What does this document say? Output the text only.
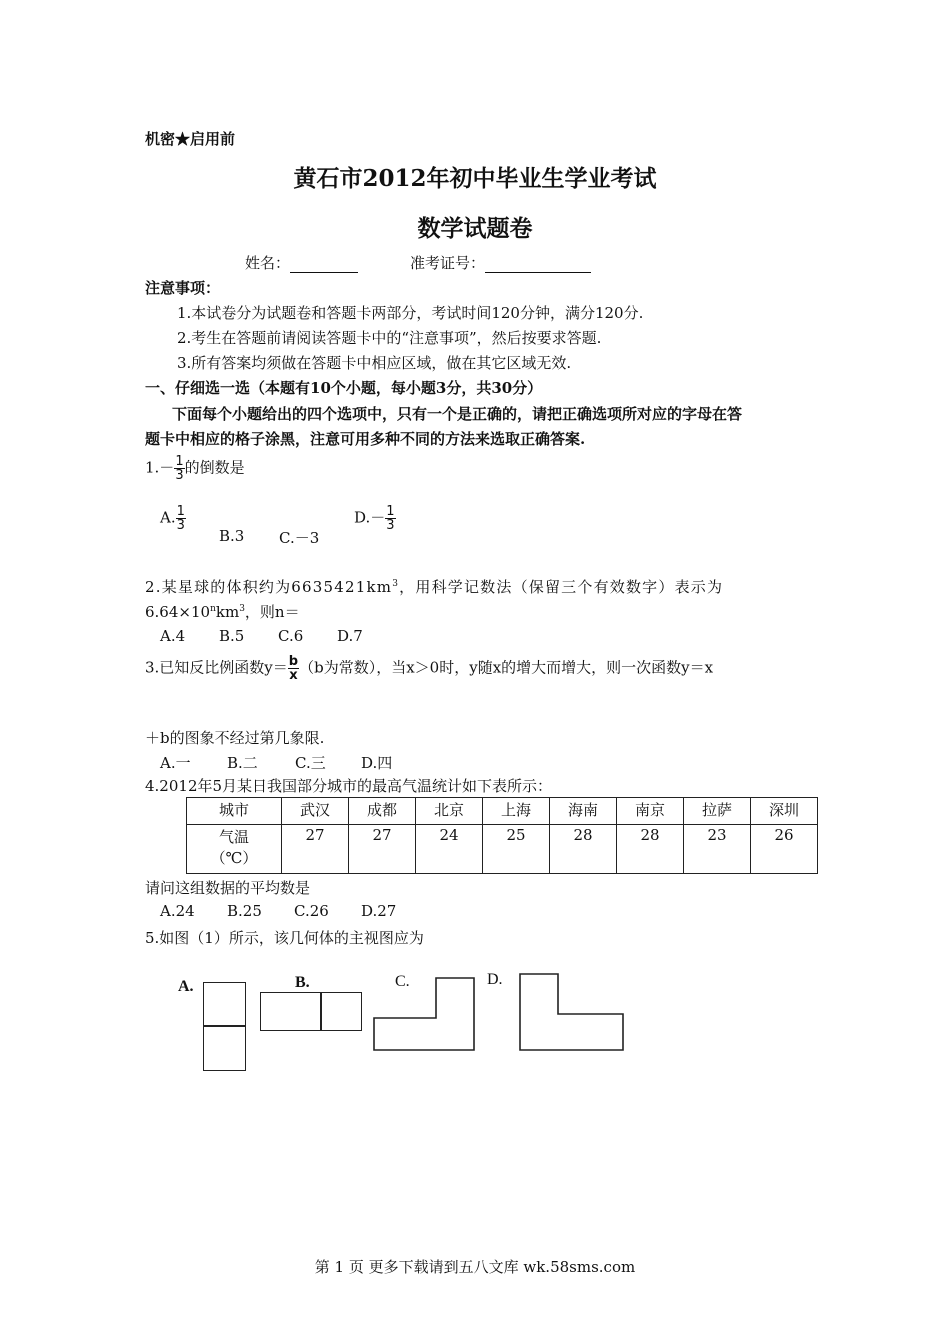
机密★启用前
黄石市2012年初中毕业生学业考试
数学试题卷
姓名：	准考证号：
注意事项：
1.本试卷分为试题卷和答题卡两部分，考试时间120分钟，满分120分.
2.考生在答题前请阅读答题卡中的“注意事项”，然后按要求答题.
3.所有答案均须做在答题卡中相应区域，做在其它区域无效.
一、仔细选一选（本题有10个小题，每小题3分，共30分）
下面每个小题给出的四个选项中，只有一个是正确的，请把正确选项所对应的字母在答
题卡中相应的格子涂黑，注意可用多种不同的方法来选取正确答案.
$1.- \frac{1}{3}$ 的倒数是
A. $\frac{1}{3}$
B.3 C.－3
$D.- \frac{1}{3}$
2.某星球的体积约为$6635421km^3$，用科学记数法（保留三个有效数字）表示为
$6.64\times 10^nkm^3$，则n＝
A.4 B.5 C.6 D.7
3.已知反比例函数$y= \frac{b}{x} (b$为常数），当x＞0时，y随x的增大而增大，则一次函数y＝x
＋b的图象不经过第几象限.
A.一 B.二 C.三 D.四
4.2012年5月某日我国部分城市的最高气温统计如下表所示：
城市	武汉	成都	北京	上海	海南	南京	拉萨	深圳

气温
（℃）	27	27	24	25	28	28	23	26
请问这组数据的平均数是
A.24 B.25 C.26 D.27
5.如图（1）所示，该几何体的主视图应为
A.	B.	C.	D.
第 1 页 更多下载请到五八文库 wk.58sms.com
